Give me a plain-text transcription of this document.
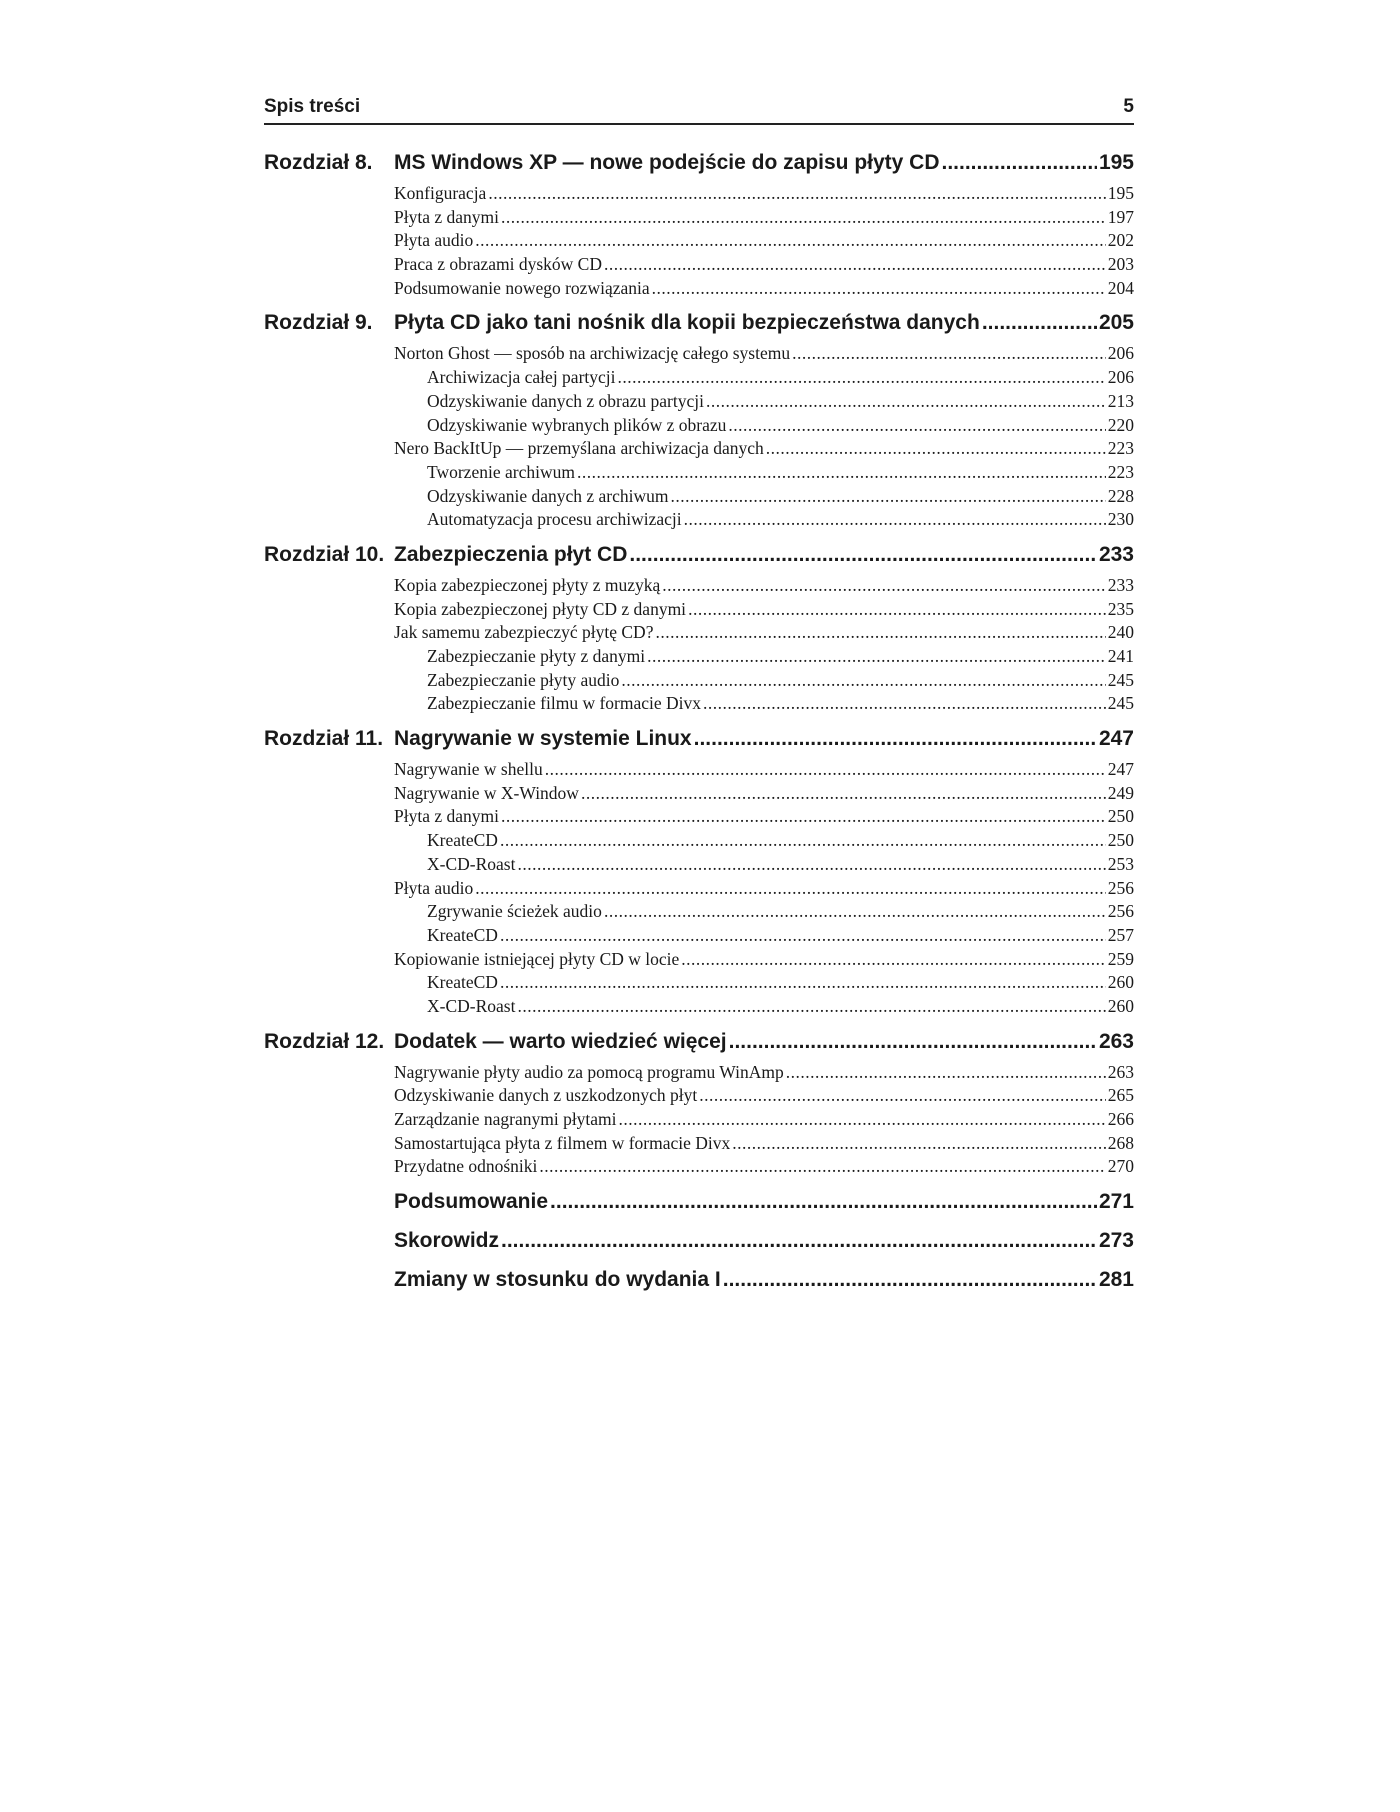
Spis treści	5
Rozdział 8.	MS Windows XP — nowe podejście do zapisu płyty CD .....	195
Konfiguracja .....	195
Płyta z danymi .....	197
Płyta audio .....	202
Praca z obrazami dysków CD .....	203
Podsumowanie nowego rozwiązania .....	204
Rozdział 9.	Płyta CD jako tani nośnik dla kopii bezpieczeństwa danych .....	205
Norton Ghost — sposób na archiwizację całego systemu .....	206
Archiwizacja całej partycji .....	206
Odzyskiwanie danych z obrazu partycji .....	213
Odzyskiwanie wybranych plików z obrazu .....	220
Nero BackItUp — przemyślana archiwizacja danych .....	223
Tworzenie archiwum .....	223
Odzyskiwanie danych z archiwum .....	228
Automatyzacja procesu archiwizacji .....	230
Rozdział 10. Zabezpieczenia płyt CD .....	233
Kopia zabezpieczonej płyty z muzyką .....	233
Kopia zabezpieczonej płyty CD z danymi .....	235
Jak samemu zabezpieczyć płytę CD? .....	240
Zabezpieczanie płyty z danymi .....	241
Zabezpieczanie płyty audio .....	245
Zabezpieczanie filmu w formacie Divx .....	245
Rozdział 11. Nagrywanie w systemie Linux .....	247
Nagrywanie w shellu .....	247
Nagrywanie w X-Window .....	249
Płyta z danymi .....	250
KreateCD .....	250
X-CD-Roast .....	253
Płyta audio .....	256
Zgrywanie ścieżek audio .....	256
KreateCD .....	257
Kopiowanie istniejącej płyty CD w locie .....	259
KreateCD .....	260
X-CD-Roast .....	260
Rozdział 12. Dodatek — warto wiedzieć więcej .....	263
Nagrywanie płyty audio za pomocą programu WinAmp .....	263
Odzyskiwanie danych z uszkodzonych płyt .....	265
Zarządzanie nagranymi płytami .....	266
Samostartująca płyta z filmem w formacie Divx .....	268
Przydatne odnośniki .....	270
Podsumowanie .....	271
Skorowidz .....	273
Zmiany w stosunku do wydania I .....	281
